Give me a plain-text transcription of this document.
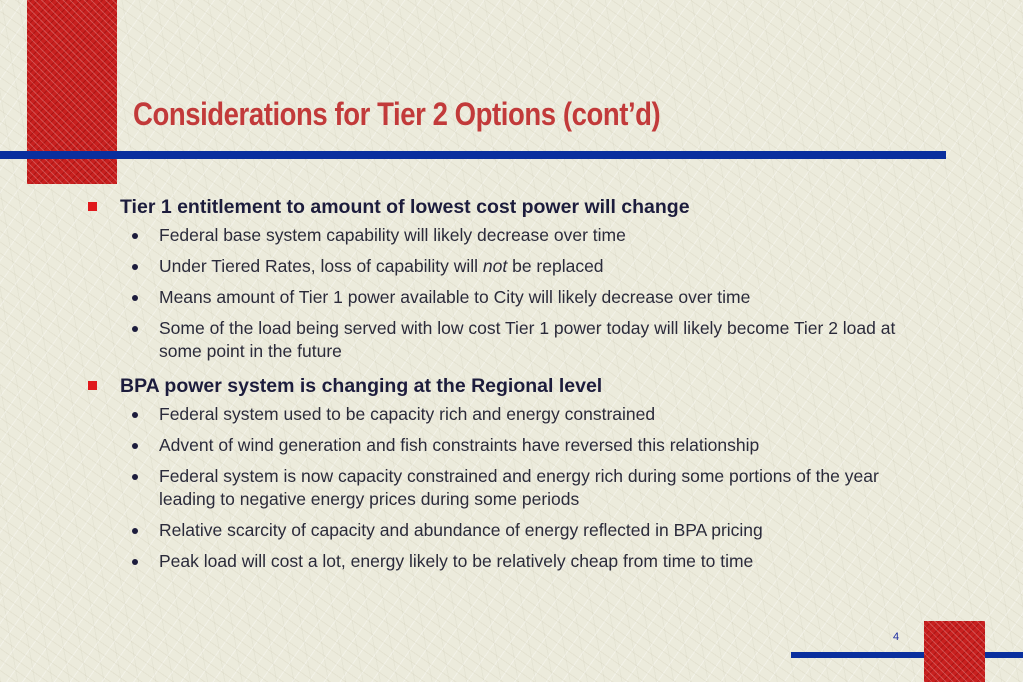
Considerations for Tier 2 Options (cont’d)
Tier 1 entitlement to amount of lowest cost power will change
Federal base system capability will likely decrease over time
Under Tiered Rates, loss of capability will not be replaced
Means amount of Tier 1 power available to City will likely decrease over time
Some of the load being served with low cost Tier 1 power today will likely become Tier 2 load at some point in the future
BPA power system is changing at the Regional level
Federal system used to be capacity rich and energy constrained
Advent of wind generation and fish constraints have reversed this relationship
Federal system is now capacity constrained and energy rich during some portions of the year leading to negative energy prices during some periods
Relative scarcity of capacity and abundance of energy reflected in BPA pricing
Peak load will cost a lot, energy likely to be relatively cheap from time to time
4
